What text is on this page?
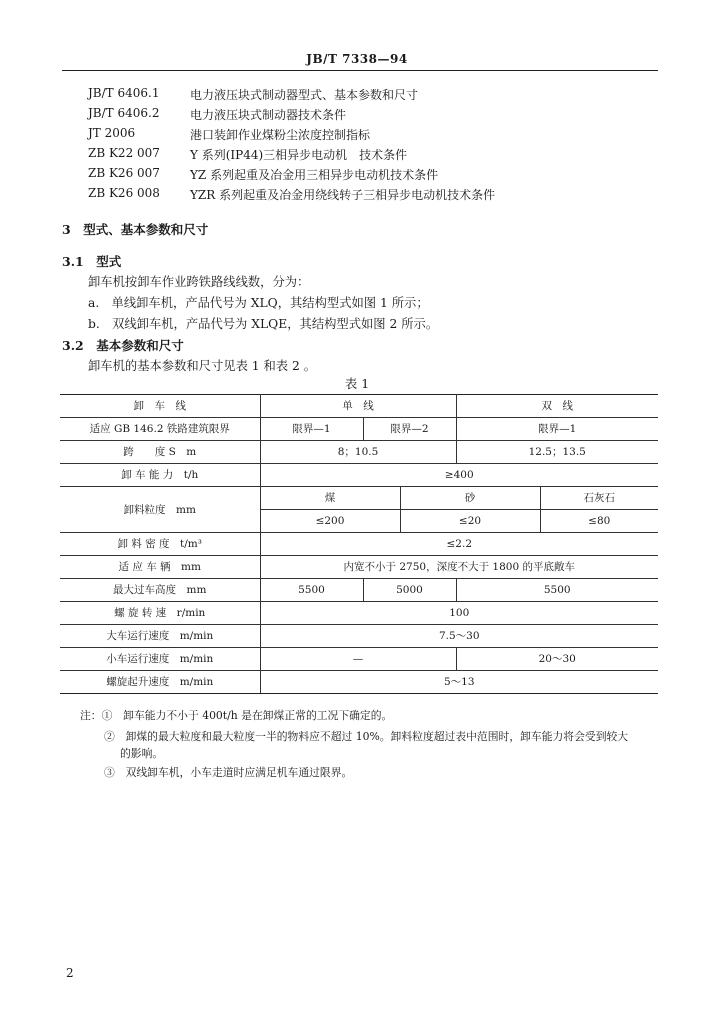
JB/T 7338—94
JB/T 6406.1	电力液压块式制动器型式、基本参数和尺寸
JB/T 6406.2	电力液压块式制动器技术条件
JT 2006	港口装卸作业煤粉尘浓度控制指标
ZB K22 007	Y 系列(IP44)三相异步电动机　技术条件
ZB K26 007	YZ 系列起重及冶金用三相异步电动机技术条件
ZB K26 008	YZR 系列起重及冶金用绕线转子三相异步电动机技术条件
3　型式、基本参数和尺寸
3.1　型式
卸车机按卸车作业跨铁路线线数，分为：
a.　单线卸车机，产品代号为 XLQ，其结构型式如图 1 所示；
b.　双线卸车机，产品代号为 XLQE，其结构型式如图 2 所示。
3.2　基本参数和尺寸
卸车机的基本参数和尺寸见表 1 和表 2 。
表 1
卸　车　线	单　线			双　线	
适应 GB 146.2 铁路建筑限界	限界—1	限界—2		限界—1	
跨　　度 S　m	8；10.5			12.5；13.5	
卸 车 能 力　t/h	≥400				
卸料粒度　mm	煤		砂		石灰石
	≤200		≤20		≤80
卸 料 密 度　t/m³	≤2.2				
适 应 车 辆　mm	内宽不小于 2750，深度不大于 1800 的平底敞车				
最大过车高度　mm	5500	5000		5500	
螺 旋 转 速　r/min	100				
大车运行速度　m/min	7.5～30				
小车运行速度　m/min	—			20～30	
螺旋起升速度　m/min	5～13				
注：①　卸车能力不小于 400t/h 是在卸煤正常的工况下确定的。
②　卸煤的最大粒度和最大粒度一半的物料应不超过 10%。卸料粒度超过表中范围时，卸车能力将会受到较大
的影响。
③　双线卸车机，小车走道时应满足机车通过限界。
2
